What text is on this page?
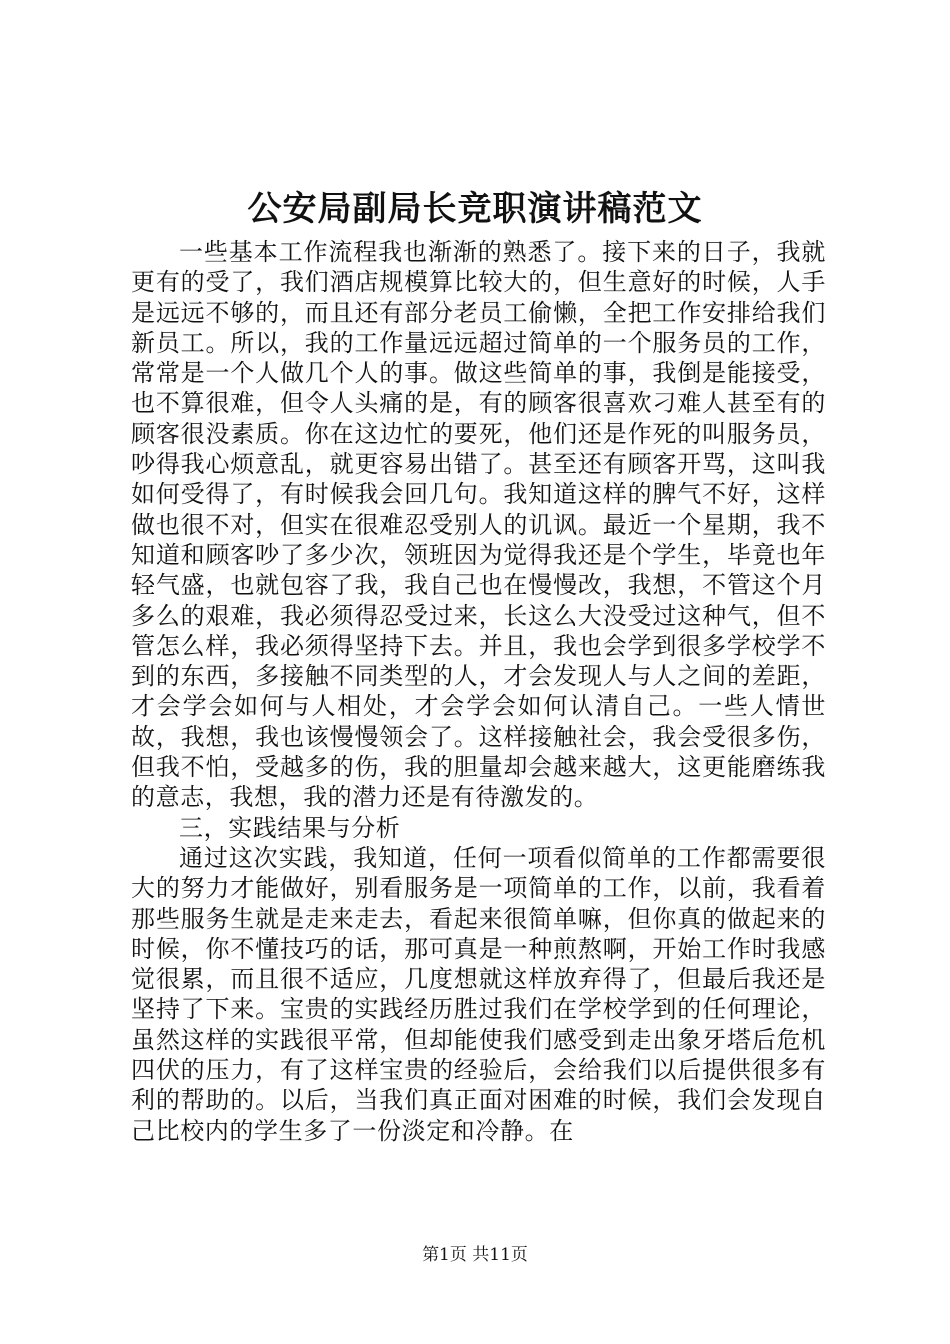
公安局副局长竞职演讲稿范文

一些基本工作流程我也渐渐的熟悉了。接下来的日子，我就更有的受了，我们酒店规模算比较大的，但生意好的时候，人手是远远不够的，而且还有部分老员工偷懒，全把工作安排给我们新员工。所以，我的工作量远远超过简单的一个服务员的工作，常常是一个人做几个人的事。做这些简单的事，我倒是能接受，也不算很难，但令人头痛的是，有的顾客很喜欢刁难人甚至有的顾客很没素质。你在这边忙的要死，他们还是作死的叫服务员，吵得我心烦意乱，就更容易出错了。甚至还有顾客开骂，这叫我如何受得了，有时候我会回几句。我知道这样的脾气不好，这样做也很不对，但实在很难忍受别人的讥讽。最近一个星期，我不知道和顾客吵了多少次，领班因为觉得我还是个学生，毕竟也年轻气盛，也就包容了我，我自己也在慢慢改，我想，不管这个月多么的艰难，我必须得忍受过来，长这么大没受过这种气，但不管怎么样，我必须得坚持下去。并且，我也会学到很多学校学不到的东西，多接触不同类型的人，才会发现人与人之间的差距，才会学会如何与人相处，才会学会如何认清自己。一些人情世故，我想，我也该慢慢领会了。这样接触社会，我会受很多伤，但我不怕，受越多的伤，我的胆量却会越来越大，这更能磨练我的意志，我想，我的潜力还是有待激发的。

三，实践结果与分析

通过这次实践，我知道，任何一项看似简单的工作都需要很大的努力才能做好，别看服务是一项简单的工作，以前，我看着那些服务生就是走来走去，看起来很简单嘛，但你真的做起来的时候，你不懂技巧的话，那可真是一种煎熬啊，开始工作时我感觉很累，而且很不适应，几度想就这样放弃得了，但最后我还是坚持了下来。宝贵的实践经历胜过我们在学校学到的任何理论，虽然这样的实践很平常，但却能使我们感受到走出象牙塔后危机四伏的压力，有了这样宝贵的经验后，会给我们以后提供很多有利的帮助的。以后，当我们真正面对困难的时候，我们会发现自己比校内的学生多了一份淡定和冷静。在

第1页 共11页
